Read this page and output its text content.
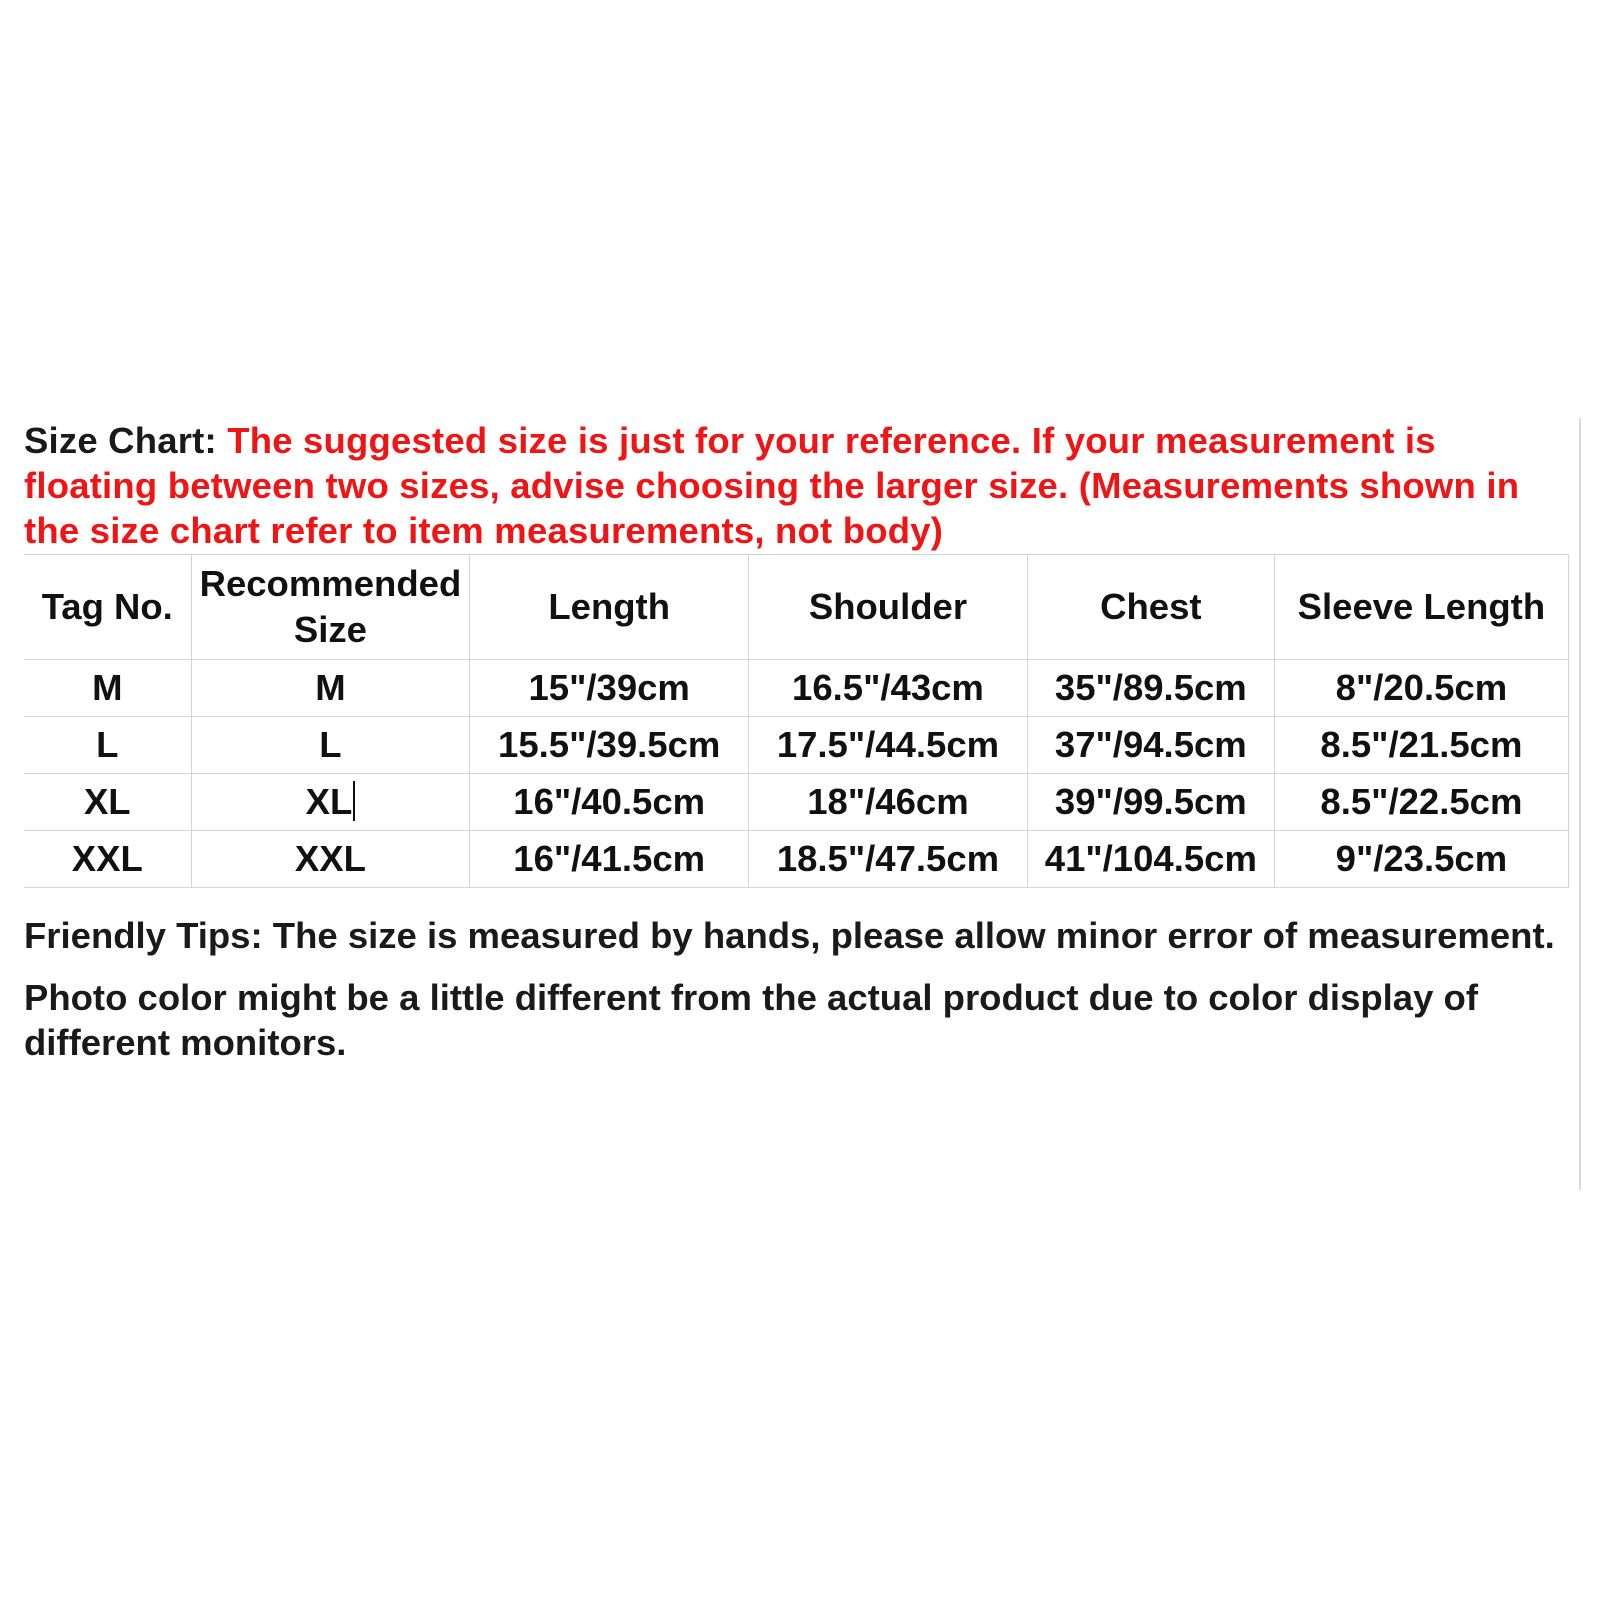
Size Chart: The suggested size is just for your reference. If your measurement is floating between two sizes, advise choosing the larger size. (Measurements shown in the size chart refer to item measurements, not body)

Tag No.	Recommended Size	Length	Shoulder	Chest	Sleeve Length
M	M	15"/39cm	16.5"/43cm	35"/89.5cm	8"/20.5cm
L	L	15.5"/39.5cm	17.5"/44.5cm	37"/94.5cm	8.5"/21.5cm
XL	XL	16"/40.5cm	18"/46cm	39"/99.5cm	8.5"/22.5cm
XXL	XXL	16"/41.5cm	18.5"/47.5cm	41"/104.5cm	9"/23.5cm

Friendly Tips: The size is measured by hands, please allow minor error of measurement.

Photo color might be a little different from the actual product due to color display of different monitors.
